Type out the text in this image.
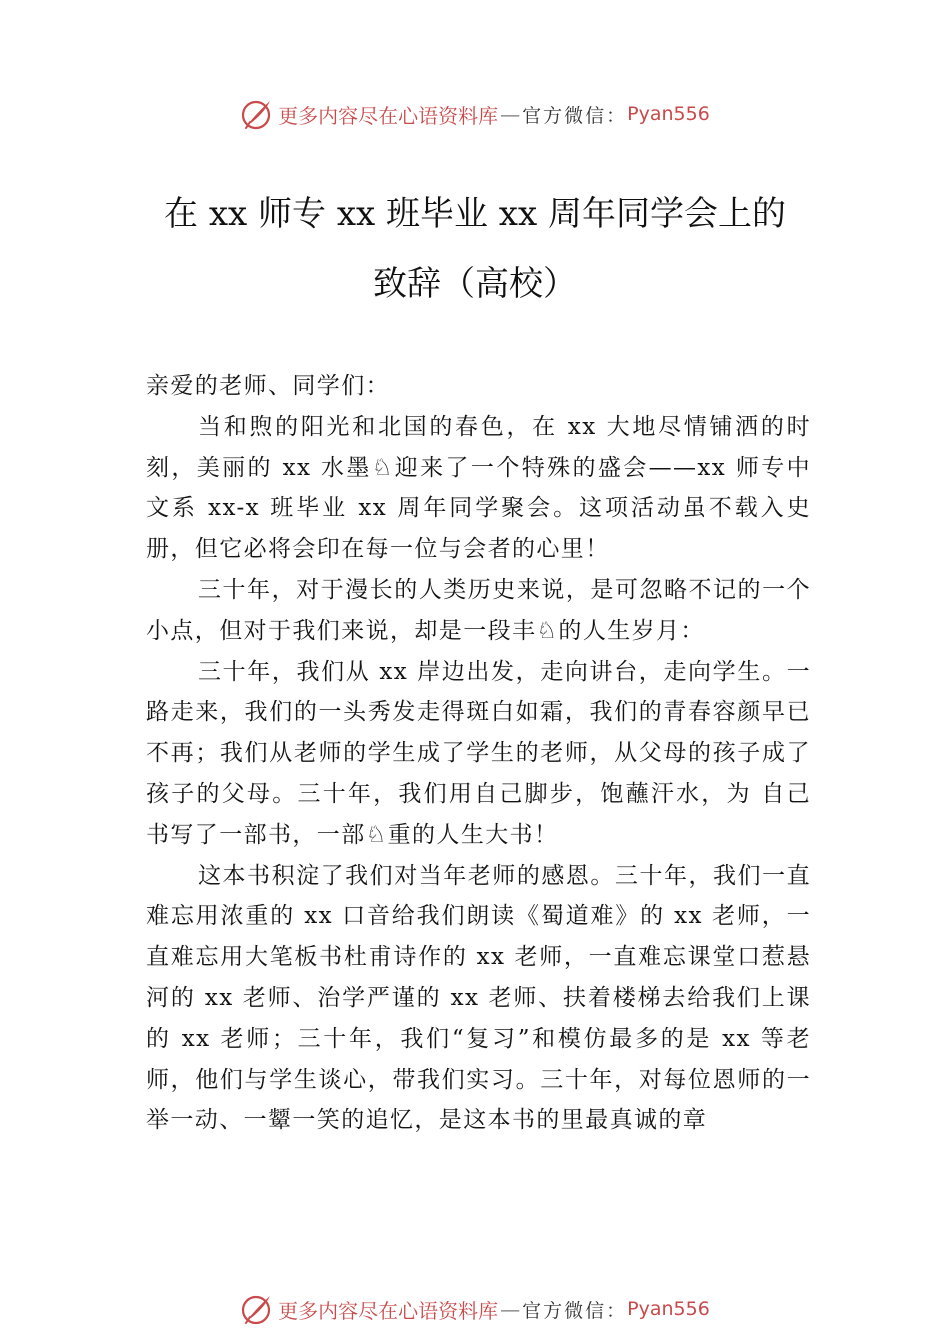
更多内容尽在心语资料库 — 官方微信： Pyan556
在 xx 师专 xx 班毕业 xx 周年同学会上的
致辞（高校）

亲爱的老师、同学们：

当和煦的阳光和北国的春色，在 xx 大地尽情铺洒的时刻，美丽的 xx 水墨♘迎来了一个特殊的盛会——xx 师专中文系 xx-x 班毕业 xx 周年同学聚会。这项活动虽不载入史册，但它必将会印在每一位与会者的心里！

三十年，对于漫长的人类历史来说，是可忽略不记的一个小点，但对于我们来说，却是一段丰♘的人生岁月：

三十年，我们从 xx 岸边出发，走向讲台，走向学生。一路走来，我们的一头秀发走得斑白如霜，我们的青春容颜早已不再；我们从老师的学生成了学生的老师，从父母的孩子成了孩子的父母。三十年，我们用自己脚步，饱蘸汗水，为 自己书写了一部书，一部♘重的人生大书！

这本书积淀了我们对当年老师的感恩。三十年，我们一直难忘用浓重的 xx 口音给我们朗读《蜀道难》的 xx 老师，一直难忘用大笔板书杜甫诗作的 xx 老师，一直难忘课堂口惹悬河的 xx 老师、治学严谨的 xx 老师、扶着楼梯去给我们上课的 xx 老师；三十年，我们“复习”和模仿最多的是 xx 等老师，他们与学生谈心，带我们实习。三十年，对每位恩师的一举一动、一颦一笑的追忆，是这本书的里最真诚的章

更多内容尽在心语资料库 — 官方微信： Pyan556
